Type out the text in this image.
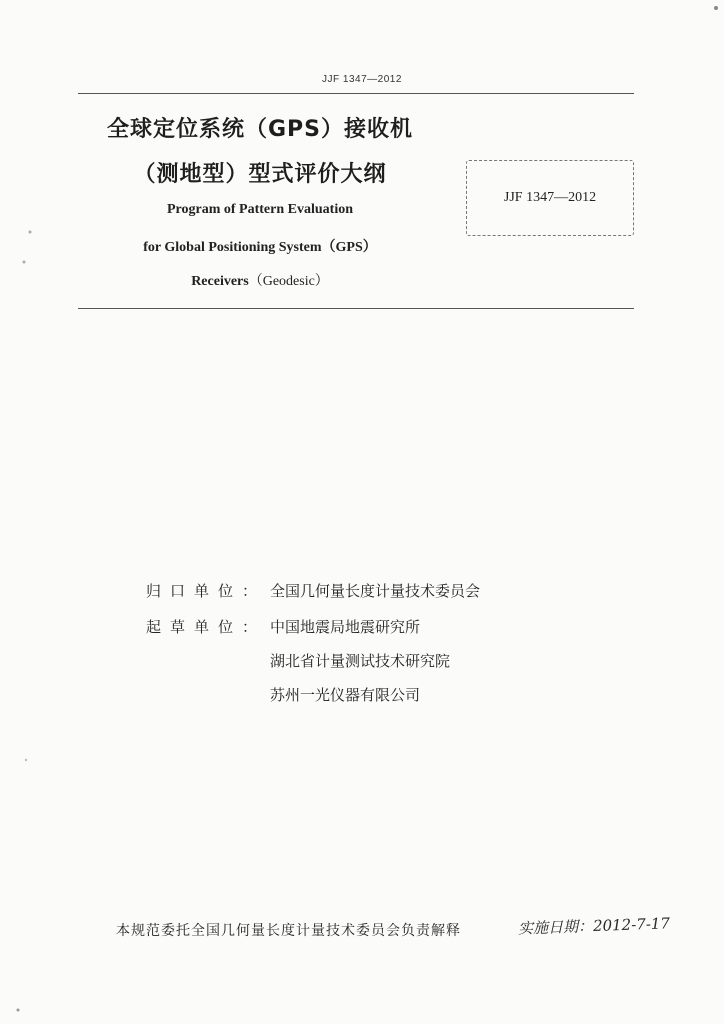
JJF 1347—2012
全球定位系统（GPS）接收机
（测地型）型式评价大纲
Program of Pattern Evaluation
for Global Positioning System（GPS）
Receivers（Geodesic）
JJF 1347—2012
归口单位： 全国几何量长度计量技术委员会
起草单位： 中国地震局地震研究所
湖北省计量测试技术研究院
苏州一光仪器有限公司
本规范委托全国几何量长度计量技术委员会负责解释	实施日期：2012-7-17
